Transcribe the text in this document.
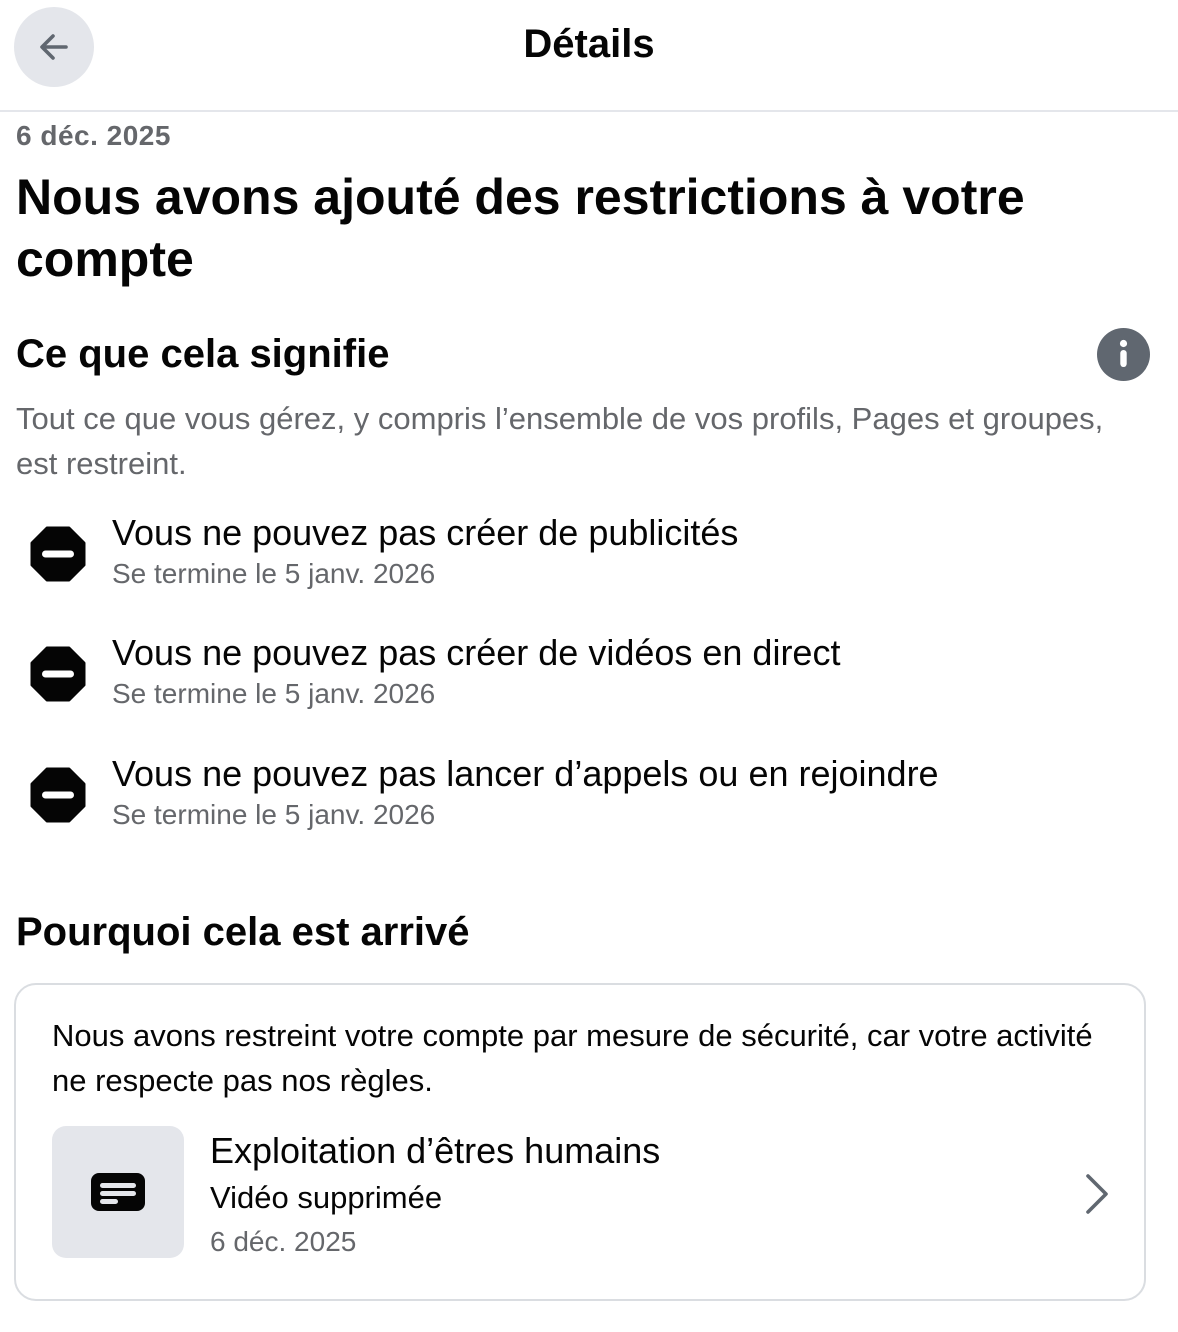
Détails
6 déc. 2025
Nous avons ajouté des restrictions à votre compte
Ce que cela signifie
Tout ce que vous gérez, y compris l’ensemble de vos profils, Pages et groupes, est restreint.
Vous ne pouvez pas créer de publicités
Se termine le 5 janv. 2026
Vous ne pouvez pas créer de vidéos en direct
Se termine le 5 janv. 2026
Vous ne pouvez pas lancer d’appels ou en rejoindre
Se termine le 5 janv. 2026
Pourquoi cela est arrivé
Nous avons restreint votre compte par mesure de sécurité, car votre activité ne respecte pas nos règles.
Exploitation d’êtres humains
Vidéo supprimée
6 déc. 2025
